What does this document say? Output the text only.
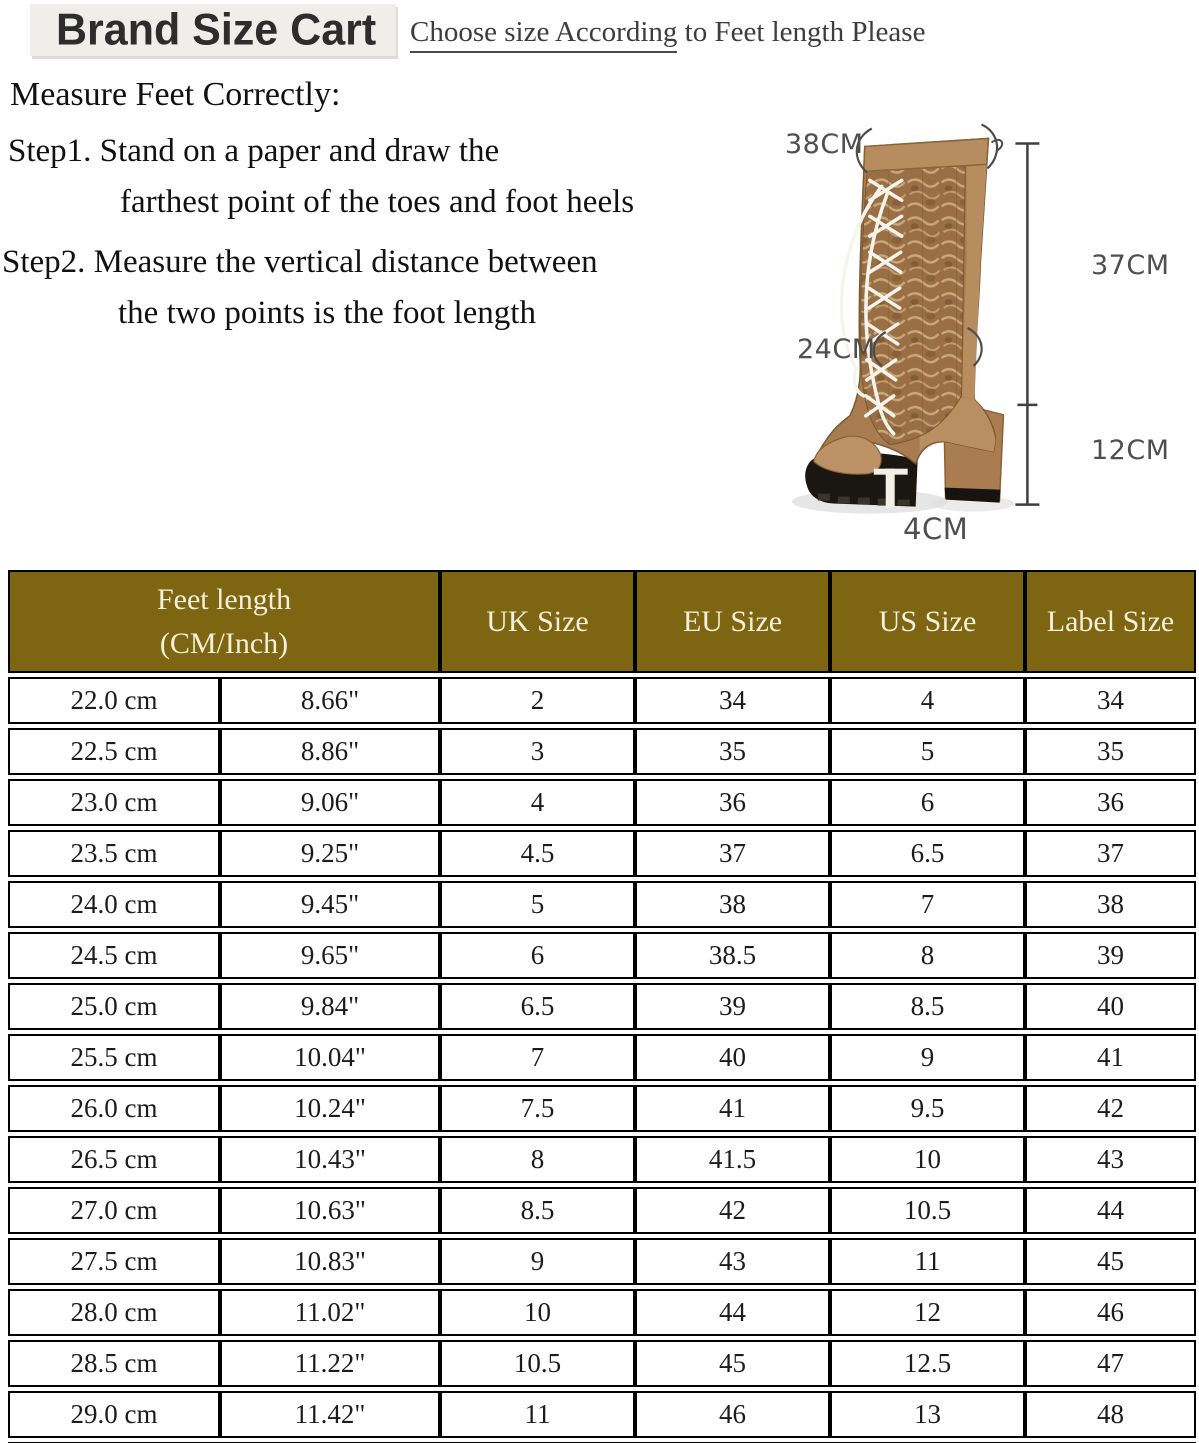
Brand Size Cart Choose size According to Feet length Please
Measure Feet Correctly:
Step1. Stand on a paper and draw the
farthest point of the toes and foot heels
Step2. Measure the vertical distance between
the two points is the foot length
38CM
37CM
24CM
12CM
4CM
Feet length
(CM/Inch)		UK Size	EU Size	US Size	Label Size
22.0 cm	8.66"	2	34	4	34
22.5 cm	8.86"	3	35	5	35
23.0 cm	9.06"	4	36	6	36
23.5 cm	9.25"	4.5	37	6.5	37
24.0 cm	9.45"	5	38	7	38
24.5 cm	9.65"	6	38.5	8	39
25.0 cm	9.84"	6.5	39	8.5	40
25.5 cm	10.04"	7	40	9	41
26.0 cm	10.24"	7.5	41	9.5	42
26.5 cm	10.43"	8	41.5	10	43
27.0 cm	10.63"	8.5	42	10.5	44
27.5 cm	10.83"	9	43	11	45
28.0 cm	11.02"	10	44	12	46
28.5 cm	11.22"	10.5	45	12.5	47
29.0 cm	11.42"	11	46	13	48
